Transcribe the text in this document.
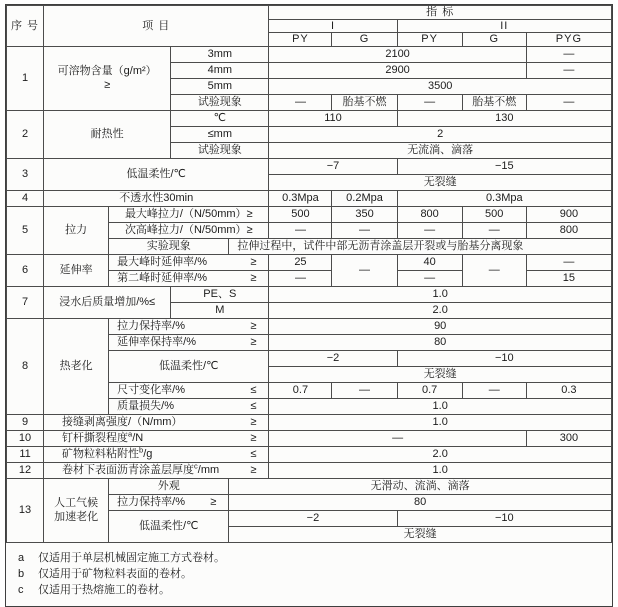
序 号	项 目				指 标				
					I		II		
					PY	G	PY	G	PYG
1	可溶物含量（g/m²）
≥		3mm		2100				—
			4mm		2900				—
			5mm		3500				
			试验现象		—	胎基不燃	—	胎基不燃	—
2	耐热性		℃		110		130		
			≤mm		2				
			试验现象		无流淌、滴落				
3	低温柔性/℃				−7		−15		
					无裂缝				
4	不透水性30min				0.3Mpa	0.2Mpa	0.3Mpa		
5	拉力	最大峰拉力/（N/50mm）≥			500	350	800	500	900
		次高峰拉力/（N/50mm）≥			—	—	—	—	800
		实验现象		拉伸过程中，试件中部无沥青涂盖层开裂或与胎基分离现象					
6	延伸率	最大峰时延伸率/% ≥			25	—	40	—	—
		第二峰时延伸率/% ≥			—		—		15
7	浸水后质量增加/%≤		PE、S		1.0				
			M		2.0				
8	热老化	拉力保持率/% ≥			90				
		延伸率保持率/% ≥			80				
		低温柔性/℃			−2		−10		
					无裂缝				
		尺寸变化率/% ≤			0.7	—	0.7	—	0.3
		质量损失/% ≤			1.0				
9	接缝剥离强度/（N/mm） ≥				1.0				
10	钉杆撕裂程度$^a$/N ≥				—				300
11	矿物粒料粘附性$^b$/g ≤				2.0				
12	卷材下表面沥青涂盖层厚度$^c$/mm ≥				1.0				
13	人工气候
加速老化	外观		无滑动、流淌、滴落					
		拉力保持率/% ≥		80					
		低温柔性/℃		−2			−10		
				无裂缝					
a 仅适用于单层机械固定施工方式卷材。
b 仅适用于矿物粒料表面的卷材。
c 仅适用于热熔施工的卷材。
